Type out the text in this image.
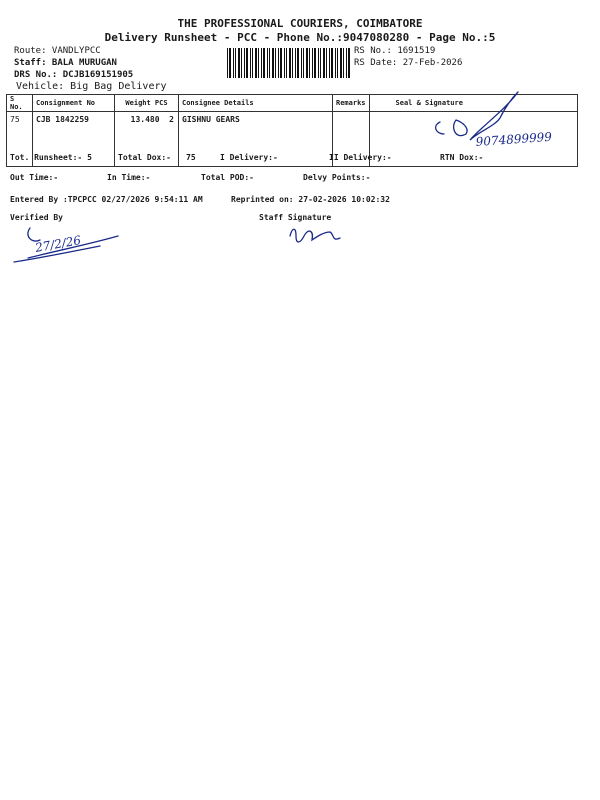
THE PROFESSIONAL COURIERS, COIMBATORE
Delivery Runsheet - PCC - Phone No.:9047080280 - Page No.:5
Route: VANDLYPCC
Staff: BALA MURUGAN
DRS No.: DCJB169151905
Vehicle: Big Bag Delivery
RS No.: 1691519
RS Date: 27-Feb-2026
S No.	Consignment No	Weight PCS	Consignee Details	Remarks	Seal & Signature
75	CJB 1842259	13.480 2	GISHNU GEARS		
Tot. Runsheet:- 5	Total Dox:- 75	I Delivery:-	II Delivery:-	RTN Dox:-
Out Time:-	In Time:-	Total POD:-	Delvy Points:-
Entered By :TPCPCC 02/27/2026 9:54:11 AM	Reprinted on: 27-02-2026 10:02:32
Verified By	Staff Signature
9074899999
27/2/26
